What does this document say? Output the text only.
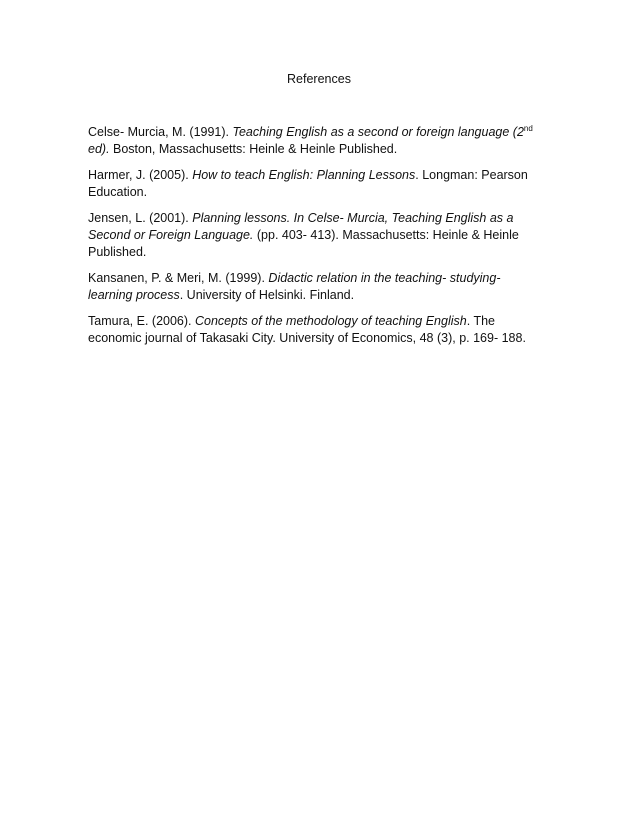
References

Celse- Murcia, M. (1991). Teaching English as a second or foreign language (2nd
ed). Boston, Massachusetts: Heinle & Heinle Published.

Harmer, J. (2005). How to teach English: Planning Lessons. Longman: Pearson Education.

Jensen, L. (2001). Planning lessons. In Celse- Murcia, Teaching English as a Second or Foreign Language. (pp. 403- 413). Massachusetts: Heinle & Heinle Published.

Kansanen, P. & Meri, M. (1999). Didactic relation in the teaching- studying- learning process. University of Helsinki. Finland.

Tamura, E. (2006). Concepts of the methodology of teaching English. The economic journal of Takasaki City. University of Economics, 48 (3), p. 169- 188.
